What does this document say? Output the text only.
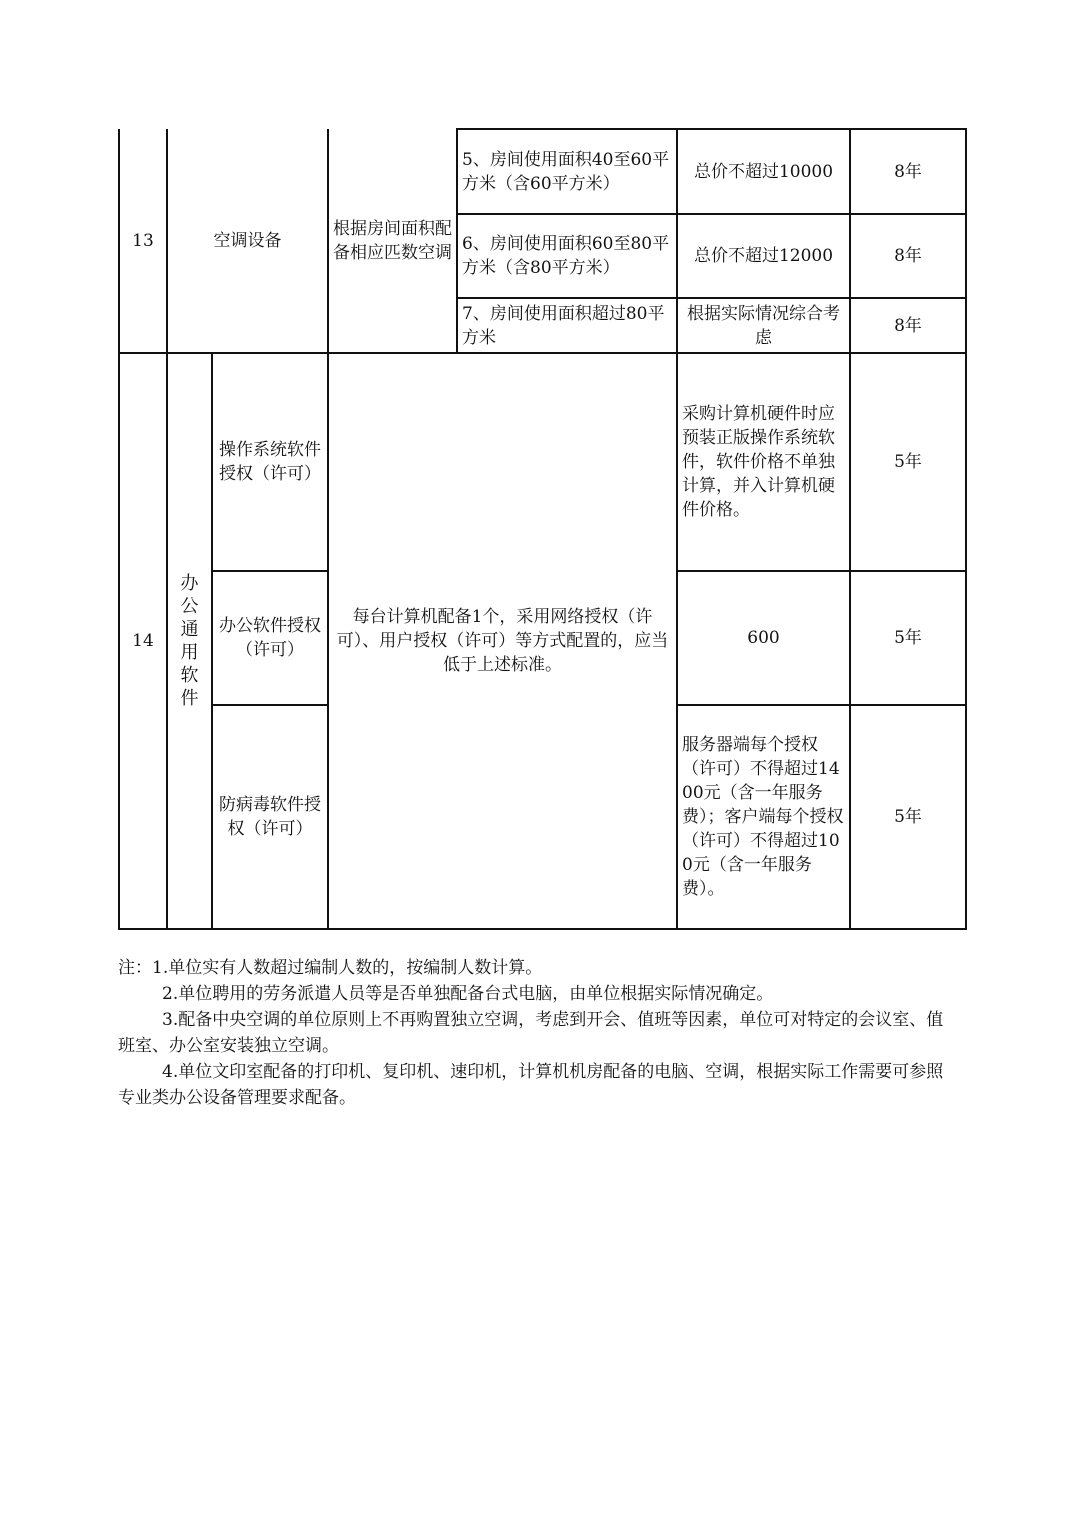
13	空调设备		根据房间面积配备相应匹数空调	5、房间使用面积40至60平方米（含60平方米）	总价不超过10000	8年
				6、房间使用面积60至80平方米（含80平方米）	总价不超过12000	8年
				7、房间使用面积超过80平方米	根据实际情况综合考虑	8年
14	办公通用软件	操作系统软件授权（许可）	每台计算机配备1个，采用网络授权（许可）、用户授权（许可）等方式配置的，应当低于上述标准。		采购计算机硬件时应预装正版操作系统软件，软件价格不单独计算，并入计算机硬件价格。	5年
		办公软件授权（许可）			600	5年
		防病毒软件授权（许可）			服务器端每个授权（许可）不得超过1400元（含一年服务费）；客户端每个授权（许可）不得超过100元（含一年服务费）。	5年

注：1.单位实有人数超过编制人数的，按编制人数计算。

2.单位聘用的劳务派遣人员等是否单独配备台式电脑，由单位根据实际情况确定。

3.配备中央空调的单位原则上不再购置独立空调，考虑到开会、值班等因素，单位可对特定的会议室、值班室、办公室安装独立空调。

4.单位文印室配备的打印机、复印机、速印机，计算机机房配备的电脑、空调，根据实际工作需要可参照专业类办公设备管理要求配备。
